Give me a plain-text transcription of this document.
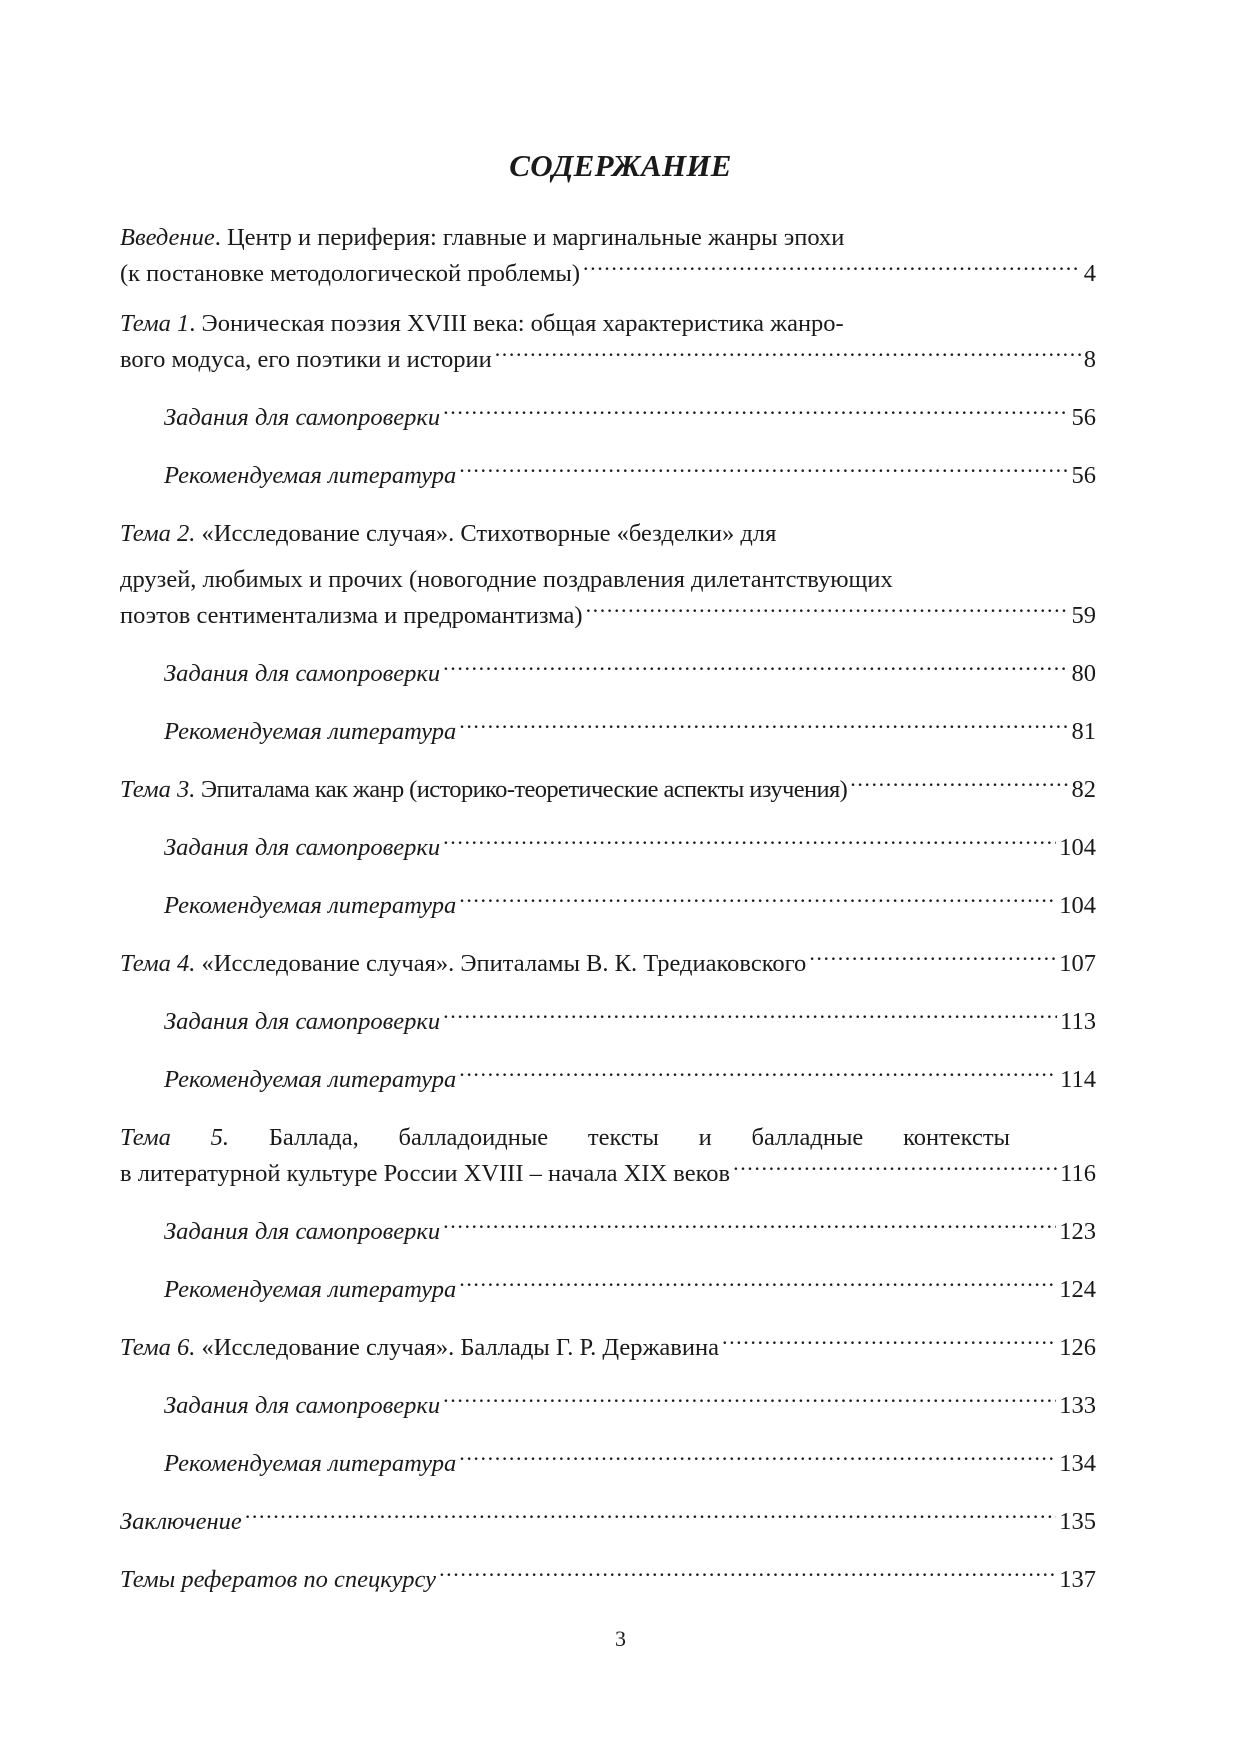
СОДЕРЖАНИЕ
Введение. Центр и периферия: главные и маргинальные жанры эпохи
(к постановке методологической проблемы) .....	4
Тема 1. Эоническая поэзия XVIII века: общая характеристика жанро-
вого модуса, его поэтики и истории .....	8
Задания для самопроверки .....	56
Рекомендуемая литература .....	56
Тема 2. «Исследование случая». Стихотворные «безделки» для
друзей, любимых и прочих (новогодние поздравления дилетантствующих
поэтов сентиментализма и предромантизма) .....	59
Задания для самопроверки .....	80
Рекомендуемая литература .....	81
Тема 3. Эпиталама как жанр (историко-теоретические аспекты изучения) .....	82
Задания для самопроверки .....	104
Рекомендуемая литература .....	104
Тема 4. «Исследование случая». Эпиталамы В. К. Тредиаковского .....	107
Задания для самопроверки .....	113
Рекомендуемая литература .....	114
Тема 5. Баллада, балладоидные тексты и балладные контексты
в литературной культуре России XVIII – начала XIX веков .....	116
Задания для самопроверки .....	123
Рекомендуемая литература .....	124
Тема 6. «Исследование случая». Баллады Г. Р. Державина .....	126
Задания для самопроверки .....	133
Рекомендуемая литература .....	134
Заключение .....	135
Темы рефератов по спецкурсу .....	137
3
